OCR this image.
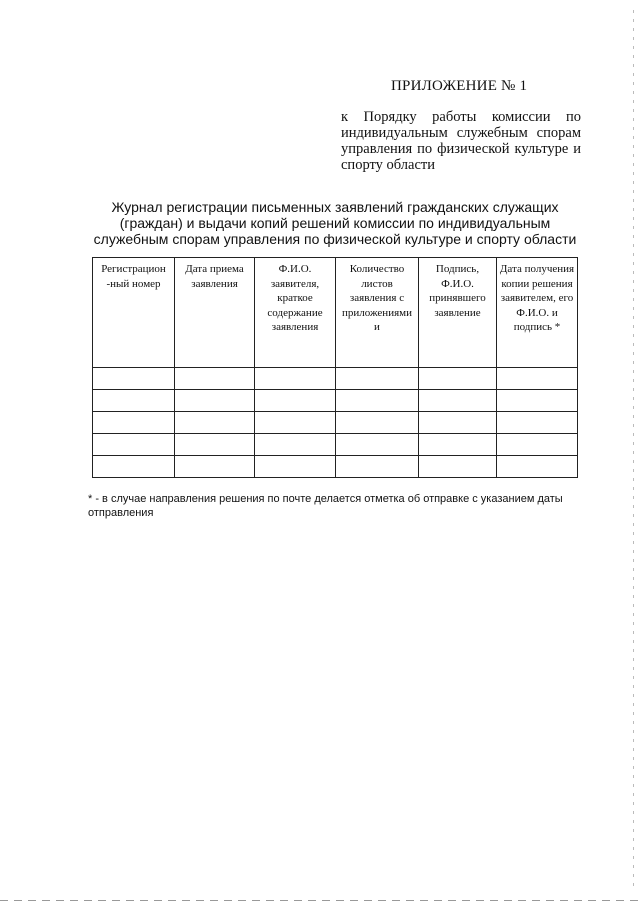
ПРИЛОЖЕНИЕ № 1
к Порядку работы комиссии по индивидуальным служебным спорам управления по физической культуре и спорту области
Журнал регистрации письменных заявлений гражданских служащих (граждан) и выдачи копий решений комиссии по индивидуальным служебным спорам управления по физической культуре и спорту области
Регистрацион -ный номер	Дата приема заявления	Ф.И.О. заявителя, краткое содержание заявления	Количество листов заявления с приложениями и	Подпись, Ф.И.О. принявшего заявление	Дата получения копии решения заявителем, его Ф.И.О. и подпись *

* - в случае направления решения по почте делается отметка об отправке с указанием даты отправления
